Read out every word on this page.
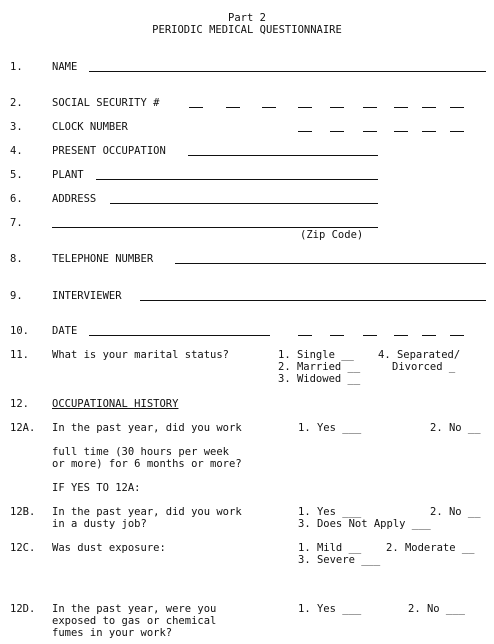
Part 2
PERIODIC MEDICAL QUESTIONNAIRE
1.	NAME
2.	SOCIAL SECURITY #
3.	CLOCK NUMBER
4.	PRESENT OCCUPATION
5.	PLANT
6.	ADDRESS
7.
(Zip Code)
8.	TELEPHONE NUMBER
9.	INTERVIEWER
10. DATE
11. What is your marital status?	1. Single __
2. Married __
3. Widowed __
4. Separated/
Divorced _
12. OCCUPATIONAL HISTORY
12A. In the past year, did you work	1. Yes ___	2. No __
full time (30 hours per week
or more) for 6 months or more?
IF YES TO 12A:
12B. In the past year, did you work
in a dusty job?
1. Yes ___	2. No __
3. Does Not Apply ___
12C. Was dust exposure:	1. Mild __ 2. Moderate __
3. Severe ___
12D. In the past year, were you
exposed to gas or chemical
fumes in your work?
1. Yes ___	2. No ___
